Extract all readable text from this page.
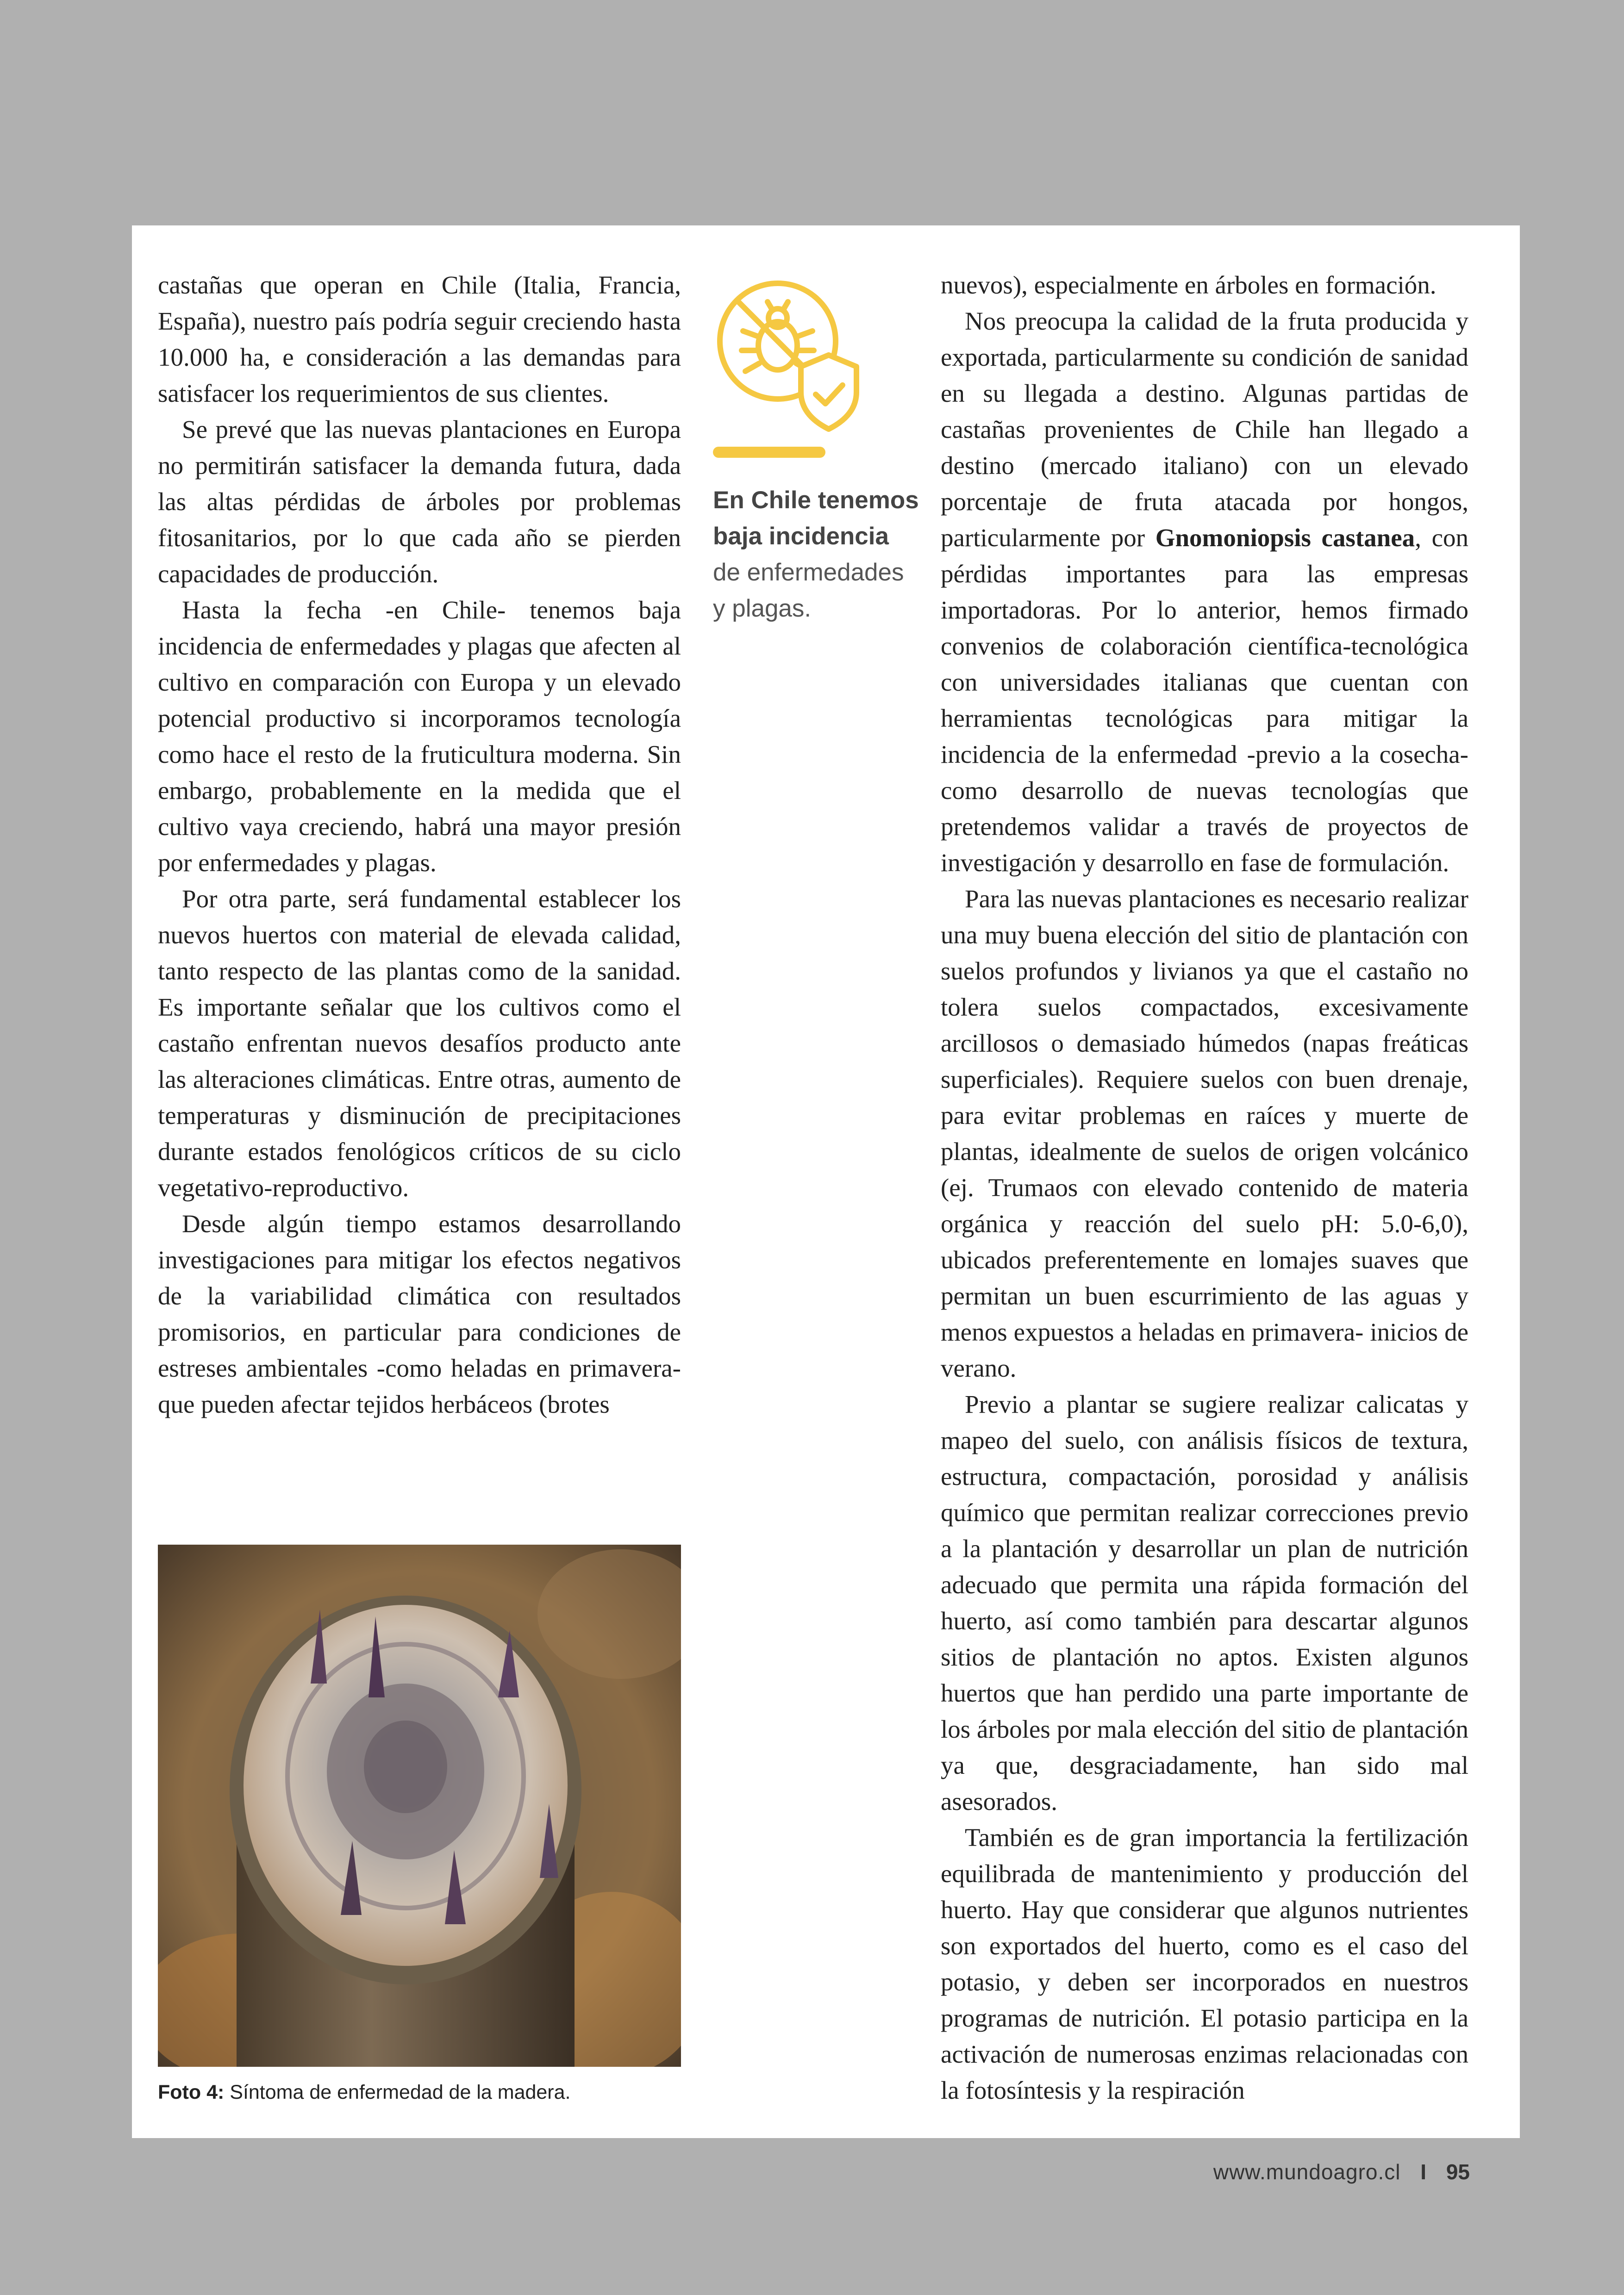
castañas que operan en Chile (Italia, Francia, España), nuestro país podría seguir creciendo hasta 10.000 ha, e consideración a las demandas para satisfacer los requerimientos de sus clientes.

Se prevé que las nuevas plantaciones en Europa no permitirán satisfacer la demanda futura, dada las altas pérdidas de árboles por problemas fitosanitarios, por lo que cada año se pierden capacidades de producción.

Hasta la fecha -en Chile- tenemos baja incidencia de enfermedades y plagas que afecten al cultivo en comparación con Europa y un elevado potencial productivo si incorporamos tecnología como hace el resto de la fruticultura moderna. Sin embargo, probablemente en la medida que el cultivo vaya creciendo, habrá una mayor presión por enfermedades y plagas.

Por otra parte, será fundamental establecer los nuevos huertos con material de elevada calidad, tanto respecto de las plantas como de la sanidad. Es importante señalar que los cultivos como el castaño enfrentan nuevos desafíos producto ante las alteraciones climáticas. Entre otras, aumento de temperaturas y disminución de precipitaciones durante estados fenológicos críticos de su ciclo vegetativo-reproductivo.

Desde algún tiempo estamos desarrollando investigaciones para mitigar los efectos negativos de la variabilidad climática con resultados promisorios, en particular para condiciones de estreses ambientales -como heladas en primavera- que pueden afectar tejidos herbáceos (brotes

En Chile tenemos
baja incidencia
de enfermedades
y plagas.

nuevos), especialmente en árboles en formación.

Nos preocupa la calidad de la fruta producida y exportada, particularmente su condición de sanidad en su llegada a destino. Algunas partidas de castañas provenientes de Chile han llegado a destino (mercado italiano) con un elevado porcentaje de fruta atacada por hongos, particularmente por Gnomoniopsis castanea, con pérdidas importantes para las empresas importadoras. Por lo anterior, hemos firmado convenios de colaboración científica-tecnológica con universidades italianas que cuentan con herramientas tecnológicas para mitigar la incidencia de la enfermedad -previo a la cosecha- como desarrollo de nuevas tecnologías que pretendemos validar a través de proyectos de investigación y desarrollo en fase de formulación.

Para las nuevas plantaciones es necesario realizar una muy buena elección del sitio de plantación con suelos profundos y livianos ya que el castaño no tolera suelos compactados, excesivamente arcillosos o demasiado húmedos (napas freáticas superficiales). Requiere suelos con buen drenaje, para evitar problemas en raíces y muerte de plantas, idealmente de suelos de origen volcánico (ej. Trumaos con elevado contenido de materia orgánica y reacción del suelo pH: 5.0-6,0), ubicados preferentemente en lomajes suaves que permitan un buen escurrimiento de las aguas y menos expuestos a heladas en primavera- inicios de verano.

Previo a plantar se sugiere realizar calicatas y mapeo del suelo, con análisis físicos de textura, estructura, compactación, porosidad y análisis químico que permitan realizar correcciones previo a la plantación y desarrollar un plan de nutrición adecuado que permita una rápida formación del huerto, así como también para descartar algunos sitios de plantación no aptos. Existen algunos huertos que han perdido una parte importante de los árboles por mala elección del sitio de plantación ya que, desgraciadamente, han sido mal asesorados.

También es de gran importancia la fertilización equilibrada de mantenimiento y producción del huerto. Hay que considerar que algunos nutrientes son exportados del huerto, como es el caso del potasio, y deben ser incorporados en nuestros programas de nutrición. El potasio participa en la activación de numerosas enzimas relacionadas con la fotosíntesis y la respiración

Foto 4: Síntoma de enfermedad de la madera.
www.mundoagro.cl I 95
